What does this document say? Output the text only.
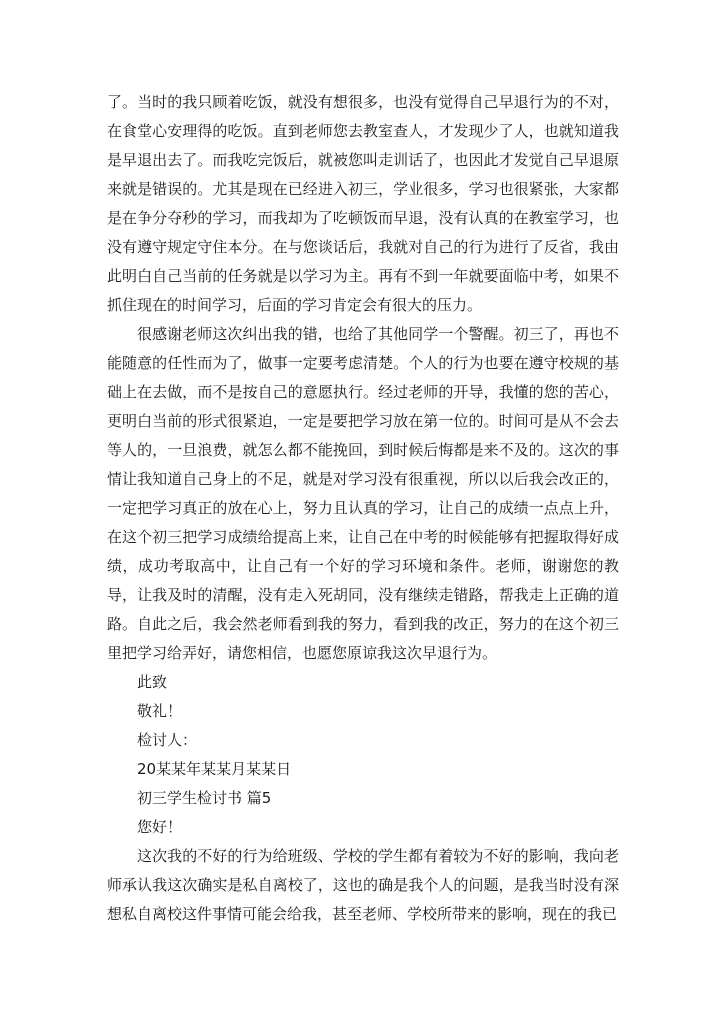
了。当时的我只顾着吃饭，就没有想很多，也没有觉得自己早退行为的不对，在食堂心安理得的吃饭。直到老师您去教室查人，才发现少了人，也就知道我是早退出去了。而我吃完饭后，就被您叫走训话了，也因此才发觉自己早退原来就是错误的。尤其是现在已经进入初三，学业很多，学习也很紧张，大家都是在争分夺秒的学习，而我却为了吃顿饭而早退，没有认真的在教室学习，也没有遵守规定守住本分。在与您谈话后，我就对自己的行为进行了反省，我由此明白自己当前的任务就是以学习为主。再有不到一年就要面临中考，如果不抓住现在的时间学习，后面的学习肯定会有很大的压力。

很感谢老师这次纠出我的错，也给了其他同学一个警醒。初三了，再也不能随意的任性而为了，做事一定要考虑清楚。个人的行为也要在遵守校规的基础上在去做，而不是按自己的意愿执行。经过老师的开导，我懂的您的苦心，更明白当前的形式很紧迫，一定是要把学习放在第一位的。时间可是从不会去等人的，一旦浪费，就怎么都不能挽回，到时候后悔都是来不及的。这次的事情让我知道自己身上的不足，就是对学习没有很重视，所以以后我会改正的，一定把学习真正的放在心上，努力且认真的学习，让自己的成绩一点点上升，在这个初三把学习成绩给提高上来，让自己在中考的时候能够有把握取得好成绩，成功考取高中，让自己有一个好的学习环境和条件。老师，谢谢您的教导，让我及时的清醒，没有走入死胡同，没有继续走错路，帮我走上正确的道路。自此之后，我会然老师看到我的努力，看到我的改正，努力的在这个初三里把学习给弄好，请您相信，也愿您原谅我这次早退行为。

此致

敬礼！

检讨人：

20某某年某某月某某日

初三学生检讨书 篇5

您好！

这次我的不好的行为给班级、学校的学生都有着较为不好的影响，我向老师承认我这次确实是私自离校了，这也的确是我个人的问题，是我当时没有深想私自离校这件事情可能会给我，甚至老师、学校所带来的影响，现在的我已
